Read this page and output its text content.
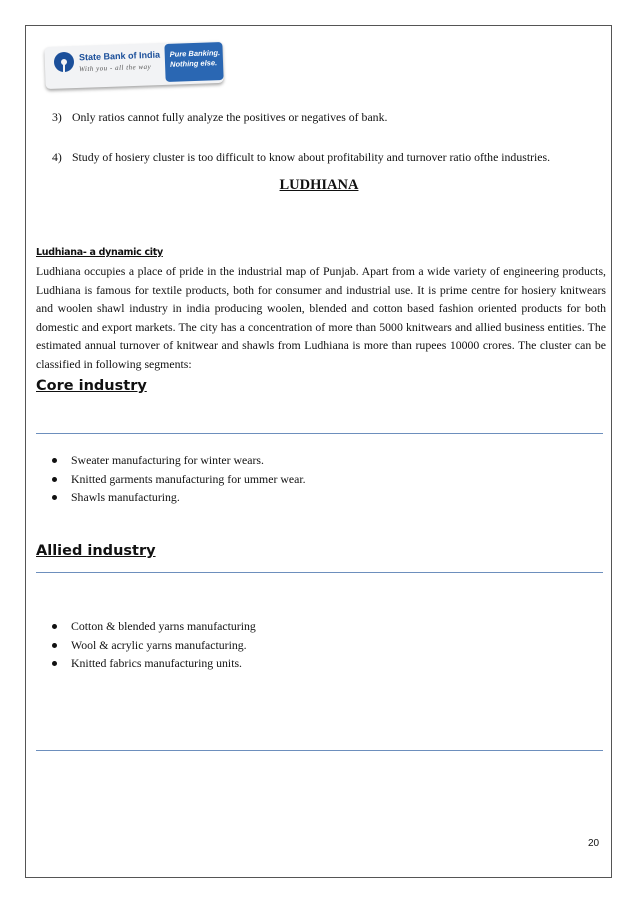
State Bank of India
With you - all the way
Pure Banking.
Nothing else.
3) Only ratios cannot fully analyze the positives or negatives of bank.
4) Study of hosiery cluster is too difficult to know about profitability and turnover ratio ofthe industries.
LUDHIANA
Ludhiana- a dynamic city
Ludhiana occupies a place of pride in the industrial map of Punjab. Apart from a wide variety of engineering products, Ludhiana is famous for textile products, both for consumer and industrial use. It is prime centre for hosiery knitwears and woolen shawl industry in india producing woolen, blended and cotton based fashion oriented products for both domestic and export markets. The city has a concentration of more than 5000 knitwears and allied business entities. The estimated annual turnover of knitwear and shawls from Ludhiana is more than rupees 10000 crores. The cluster can be classified in following segments:
Core industry
Sweater manufacturing for winter wears.
Knitted garments manufacturing for ummer wear.
Shawls manufacturing.
Allied industry
Cotton & blended yarns manufacturing
Wool & acrylic yarns manufacturing.
Knitted fabrics manufacturing units.
20
